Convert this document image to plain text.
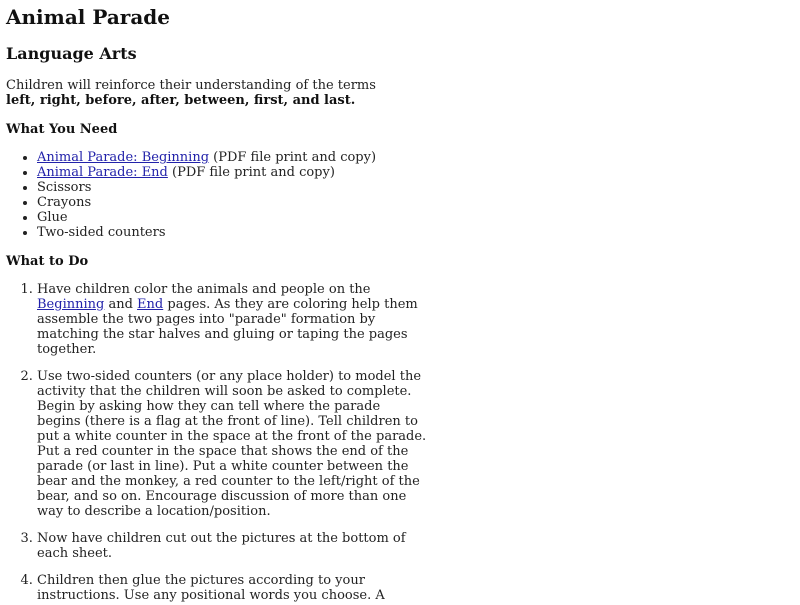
Animal Parade
Language Arts

Children will reinforce their understanding of the terms left, right, before, after, between, first, and last.

What You Need
• Animal Parade: Beginning (PDF file print and copy)
• Animal Parade: End (PDF file print and copy)
• Scissors
• Crayons
• Glue
• Two-sided counters
What to Do
1. Have children color the animals and people on the Beginning and End pages. As they are coloring help them assemble the two pages into "parade" formation by matching the star halves and gluing or taping the pages together.
2. Use two-sided counters (or any place holder) to model the activity that the children will soon be asked to complete. Begin by asking how they can tell where the parade begins (there is a flag at the front of line). Tell children to put a white counter in the space at the front of the parade. Put a red counter in the space that shows the end of the parade (or last in line). Put a white counter between the bear and the monkey, a red counter to the left/right of the bear, and so on. Encourage discussion of more than one way to describe a location/position.
3. Now have children cut out the pictures at the bottom of each sheet.
4. Children then glue the pictures according to your instructions. Use any positional words you choose. A
